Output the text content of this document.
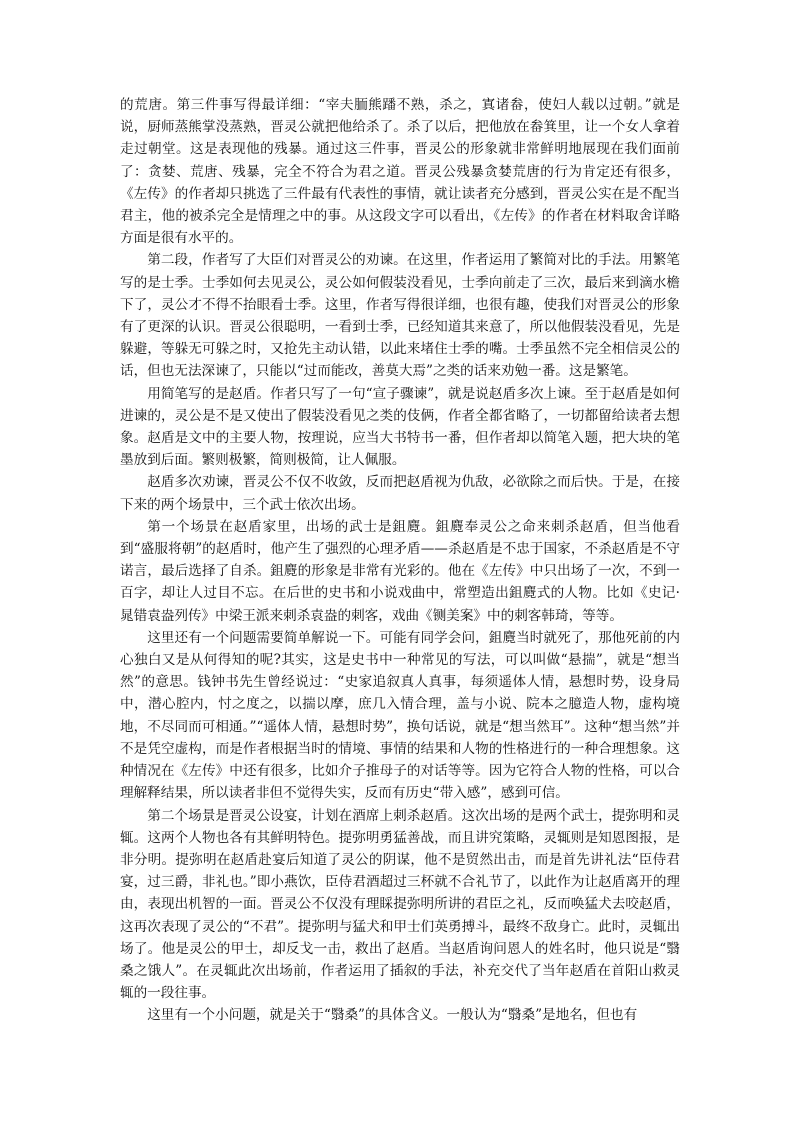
的荒唐。第三件事写得最详细：“宰夫胹熊蹯不熟，杀之，寘诸畚，使妇人载以过朝。”就是说，厨师蒸熊掌没蒸熟，晋灵公就把他给杀了。杀了以后，把他放在畚箕里，让一个女人拿着走过朝堂。这是表现他的残暴。通过这三件事，晋灵公的形象就非常鲜明地展现在我们面前了：贪婪、荒唐、残暴，完全不符合为君之道。晋灵公残暴贪婪荒唐的行为肯定还有很多，《左传》的作者却只挑选了三件最有代表性的事情，就让读者充分感到，晋灵公实在是不配当君主，他的被杀完全是情理之中的事。从这段文字可以看出，《左传》的作者在材料取舍详略方面是很有水平的。

第二段，作者写了大臣们对晋灵公的劝谏。在这里，作者运用了繁简对比的手法。用繁笔写的是士季。士季如何去见灵公，灵公如何假装没看见，士季向前走了三次，最后来到滴水檐下了，灵公才不得不抬眼看士季。这里，作者写得很详细，也很有趣，使我们对晋灵公的形象有了更深的认识。晋灵公很聪明，一看到士季，已经知道其来意了，所以他假装没看见，先是躲避，等躲无可躲之时，又抢先主动认错，以此来堵住士季的嘴。士季虽然不完全相信灵公的话，但也无法深谏了，只能以“过而能改，善莫大焉”之类的话来劝勉一番。这是繁笔。

用简笔写的是赵盾。作者只写了一句“宣子骤谏”，就是说赵盾多次上谏。至于赵盾是如何进谏的，灵公是不是又使出了假装没看见之类的伎俩，作者全都省略了，一切都留给读者去想象。赵盾是文中的主要人物，按理说，应当大书特书一番，但作者却以简笔入题，把大块的笔墨放到后面。繁则极繁，简则极简，让人佩服。

赵盾多次劝谏，晋灵公不仅不收敛，反而把赵盾视为仇敌，必欲除之而后快。于是，在接下来的两个场景中，三个武士依次出场。

第一个场景在赵盾家里，出场的武士是鉏麑。鉏麑奉灵公之命来刺杀赵盾，但当他看到“盛服将朝”的赵盾时，他产生了强烈的心理矛盾——杀赵盾是不忠于国家，不杀赵盾是不守诺言，最后选择了自杀。鉏麑的形象是非常有光彩的。他在《左传》中只出场了一次，不到一百字，却让人过目不忘。在后世的史书和小说戏曲中，常塑造出鉏麑式的人物。比如《史记·晁错袁盎列传》中梁王派来刺杀袁盎的刺客，戏曲《铡美案》中的刺客韩琦，等等。

这里还有一个问题需要简单解说一下。可能有同学会问，鉏麑当时就死了，那他死前的内心独白又是从何得知的呢?其实，这是史书中一种常见的写法，可以叫做“悬揣”，就是“想当然”的意思。钱钟书先生曾经说过：“史家追叙真人真事，每须遥体人情，悬想时势，设身局中，潜心腔内，忖之度之，以揣以摩，庶几入情合理，盖与小说、院本之臆造人物，虚构境地，不尽同而可相通。”“遥体人情，悬想时势”，换句话说，就是“想当然耳”。这种“想当然”并不是凭空虚构，而是作者根据当时的情境、事情的结果和人物的性格进行的一种合理想象。这种情况在《左传》中还有很多，比如介子推母子的对话等等。因为它符合人物的性格，可以合理解释结果，所以读者非但不觉得失实，反而有历史“带入感”，感到可信。

第二个场景是晋灵公设宴，计划在酒席上刺杀赵盾。这次出场的是两个武士，提弥明和灵辄。这两个人物也各有其鲜明特色。提弥明勇猛善战，而且讲究策略，灵辄则是知恩图报，是非分明。提弥明在赵盾赴宴后知道了灵公的阴谋，他不是贸然出击，而是首先讲礼法“臣侍君宴，过三爵，非礼也。”即小燕饮，臣侍君酒超过三杯就不合礼节了，以此作为让赵盾离开的理由，表现出机智的一面。晋灵公不仅没有理睬提弥明所讲的君臣之礼，反而唤猛犬去咬赵盾，这再次表现了灵公的“不君”。提弥明与猛犬和甲士们英勇搏斗，最终不敌身亡。此时，灵辄出场了。他是灵公的甲士，却反戈一击，救出了赵盾。当赵盾询问恩人的姓名时，他只说是“翳桑之饿人”。在灵辄此次出场前，作者运用了插叙的手法，补充交代了当年赵盾在首阳山救灵辄的一段往事。

这里有一个小问题，就是关于“翳桑”的具体含义。一般认为“翳桑”是地名，但也有
